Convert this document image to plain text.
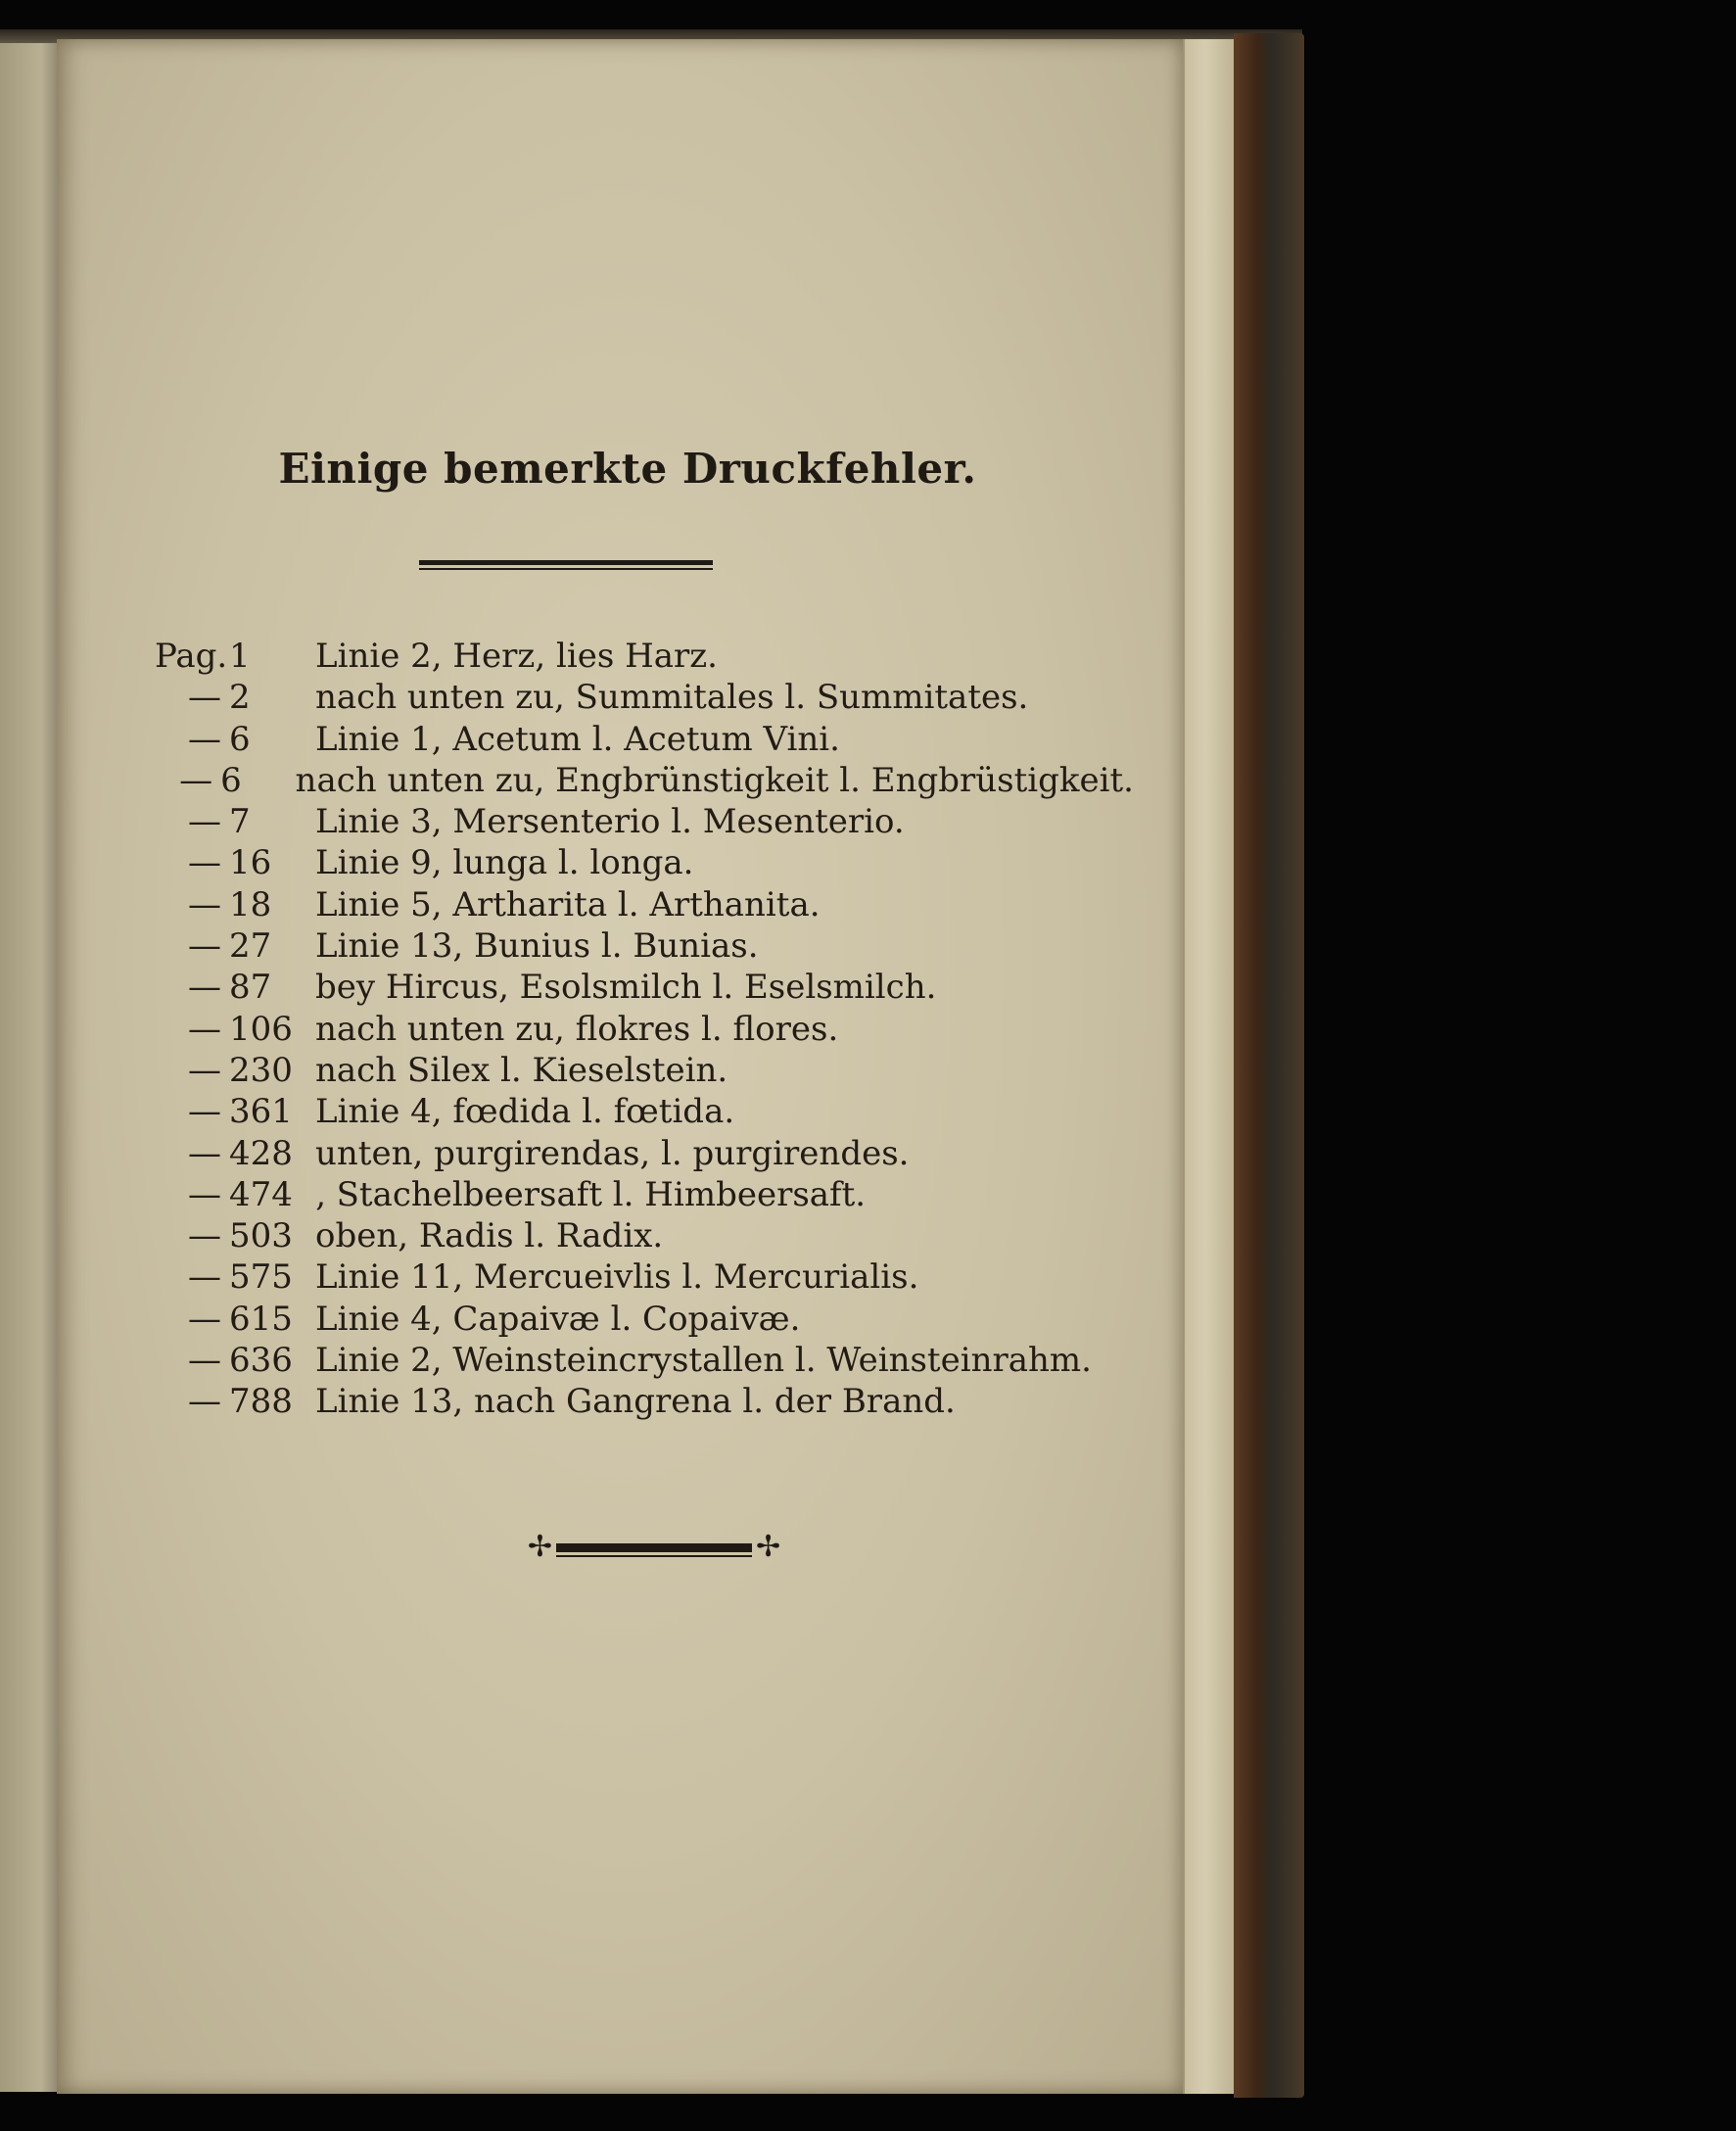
Einige bemerkte Druckfehler.
Pag. 1	Linie 2, Herz, lies Harz.
— 2	nach unten zu, Summitales l. Summitates.
— 6	Linie 1, Acetum l. Acetum Vini.
— 6	nach unten zu, Engbrünstigkeit l. Engbrüstigkeit.
— 7	Linie 3, Mersenterio l. Mesenterio.
— 16	Linie 9, lunga l. longa.
— 18	Linie 5, Artharita l. Arthanita.
— 27	Linie 13, Bunius l. Bunias.
— 87	bey Hircus, Esolsmilch l. Eselsmilch.
— 106 nach unten zu, flokres l. flores.
— 230 nach Silex l. Kieselstein.
— 361 Linie 4, fœdida l. fœtida.
— 428 unten, purgirendas, l. purgirendes.
— 474 ‚ Stachelbeersaft l. Himbeersaft.
— 503 oben, Radis l. Radix.
— 575 Linie 11, Mercueivlis l. Mercurialis.
— 615 Linie 4, Capaivæ l. Copaivæ.
— 636 Linie 2, Weinsteincrystallen l. Weinsteinrahm.
— 788 Linie 13, nach Gangrena l. der Brand.
✢	✢
